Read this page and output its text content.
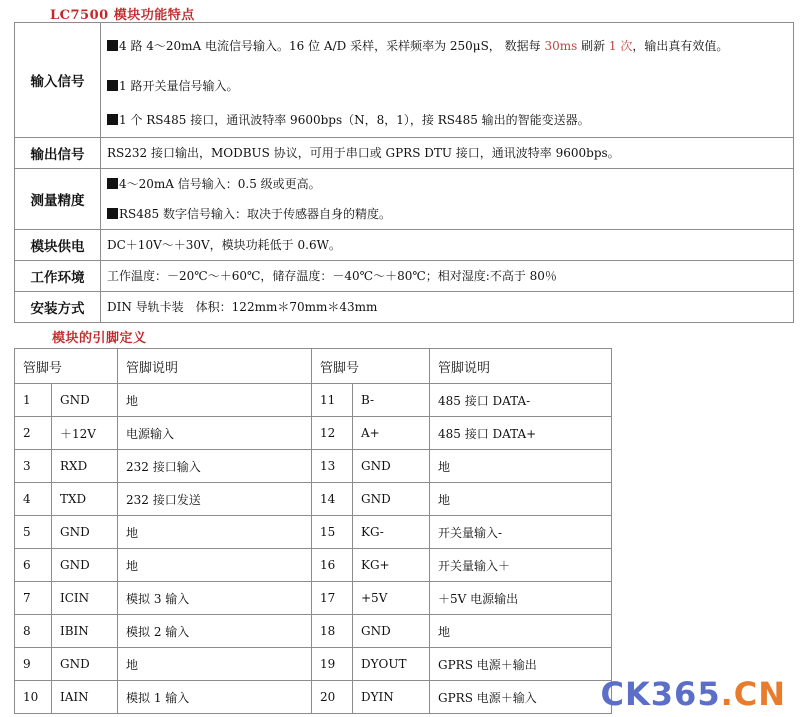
LC7500 模块功能特点
输入信号	4 路 4～20mA 电流信号输入。16 位 A/D 采样，采样频率为 250μS， 数据每 30ms 刷新 1 次，输出真有效值。
1 路开关量信号输入。
1 个 RS485 接口，通讯波特率 9600bps（N，8，1），接 RS485 输出的智能变送器。

输出信号	RS232 接口输出，MODBUS 协议，可用于串口或 GPRS DTU 接口，通讯波特率 9600bps。

测量精度	4～20mA 信号输入：0.5 级或更高。
RS485 数字信号输入：取决于传感器自身的精度。

模块供电	DC＋10V～＋30V，模块功耗低于 0.6W。

工作环境	工作温度：－20℃～＋60℃，储存温度：－40℃～＋80℃；相对湿度:不高于 80％

安装方式	DIN 导轨卡装　体积：122mm＊70mm＊43mm
模块的引脚定义
管脚号		管脚说明	管脚号		管脚说明
1	GND	地	11	B-	485 接口 DATA-
2	＋12V	电源输入	12	A+	485 接口 DATA+
3	RXD	232 接口输入	13	GND	地
4	TXD	232 接口发送	14	GND	地
5	GND	地	15	KG-	开关量输入-
6	GND	地	16	KG+	开关量输入＋
7	ICIN	模拟 3 输入	17	+5V	＋5V 电源输出
8	IBIN	模拟 2 输入	18	GND	地
9	GND	地	19	DYOUT	GPRS 电源＋输出
10	IAIN	模拟 1 输入	20	DYIN	GPRS 电源＋输入 CK365.CN
